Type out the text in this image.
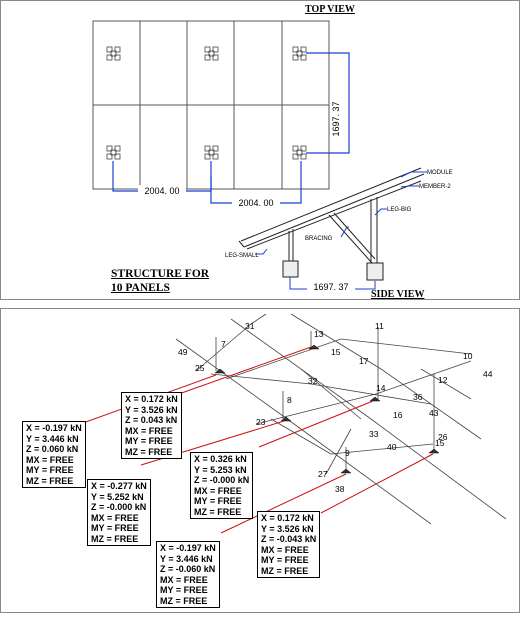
1697. 37
2004. 00
2004. 00
MODULE
MEMBER-2
LEG-BIG
BRACING
LEG-SMALL
1697. 37
TOP VIEW
SIDE VIEW
STRUCTURE FOR
10 PANELS
31
13
11
49
7
25
17
15	10
44
12
32
14
8	36
43
23
16
33
40
9
27
26
38
15
X = 0.172 kN
Y = 3.526 kN
Z = 0.043 kN
MX = FREE
MY = FREE
MZ = FREE
X = -0.197 kN
Y = 3.446 kN
Z = 0.060 kN
MX = FREE
MY = FREE
MZ = FREE
X = -0.277 kN
Y = 5.252 kN
Z = -0.000 kN
MX = FREE
MY = FREE
MZ = FREE
X = 0.326 kN
Y = 5.253 kN
Z = -0.000 kN
MX = FREE
MY = FREE
MZ = FREE
X = 0.172 kN
Y = 3.526 kN
Z = -0.043 kN
MX = FREE
MY = FREE
MZ = FREE
X = -0.197 kN
Y = 3.446 kN
Z = -0.060 kN
MX = FREE
MY = FREE
MZ = FREE
